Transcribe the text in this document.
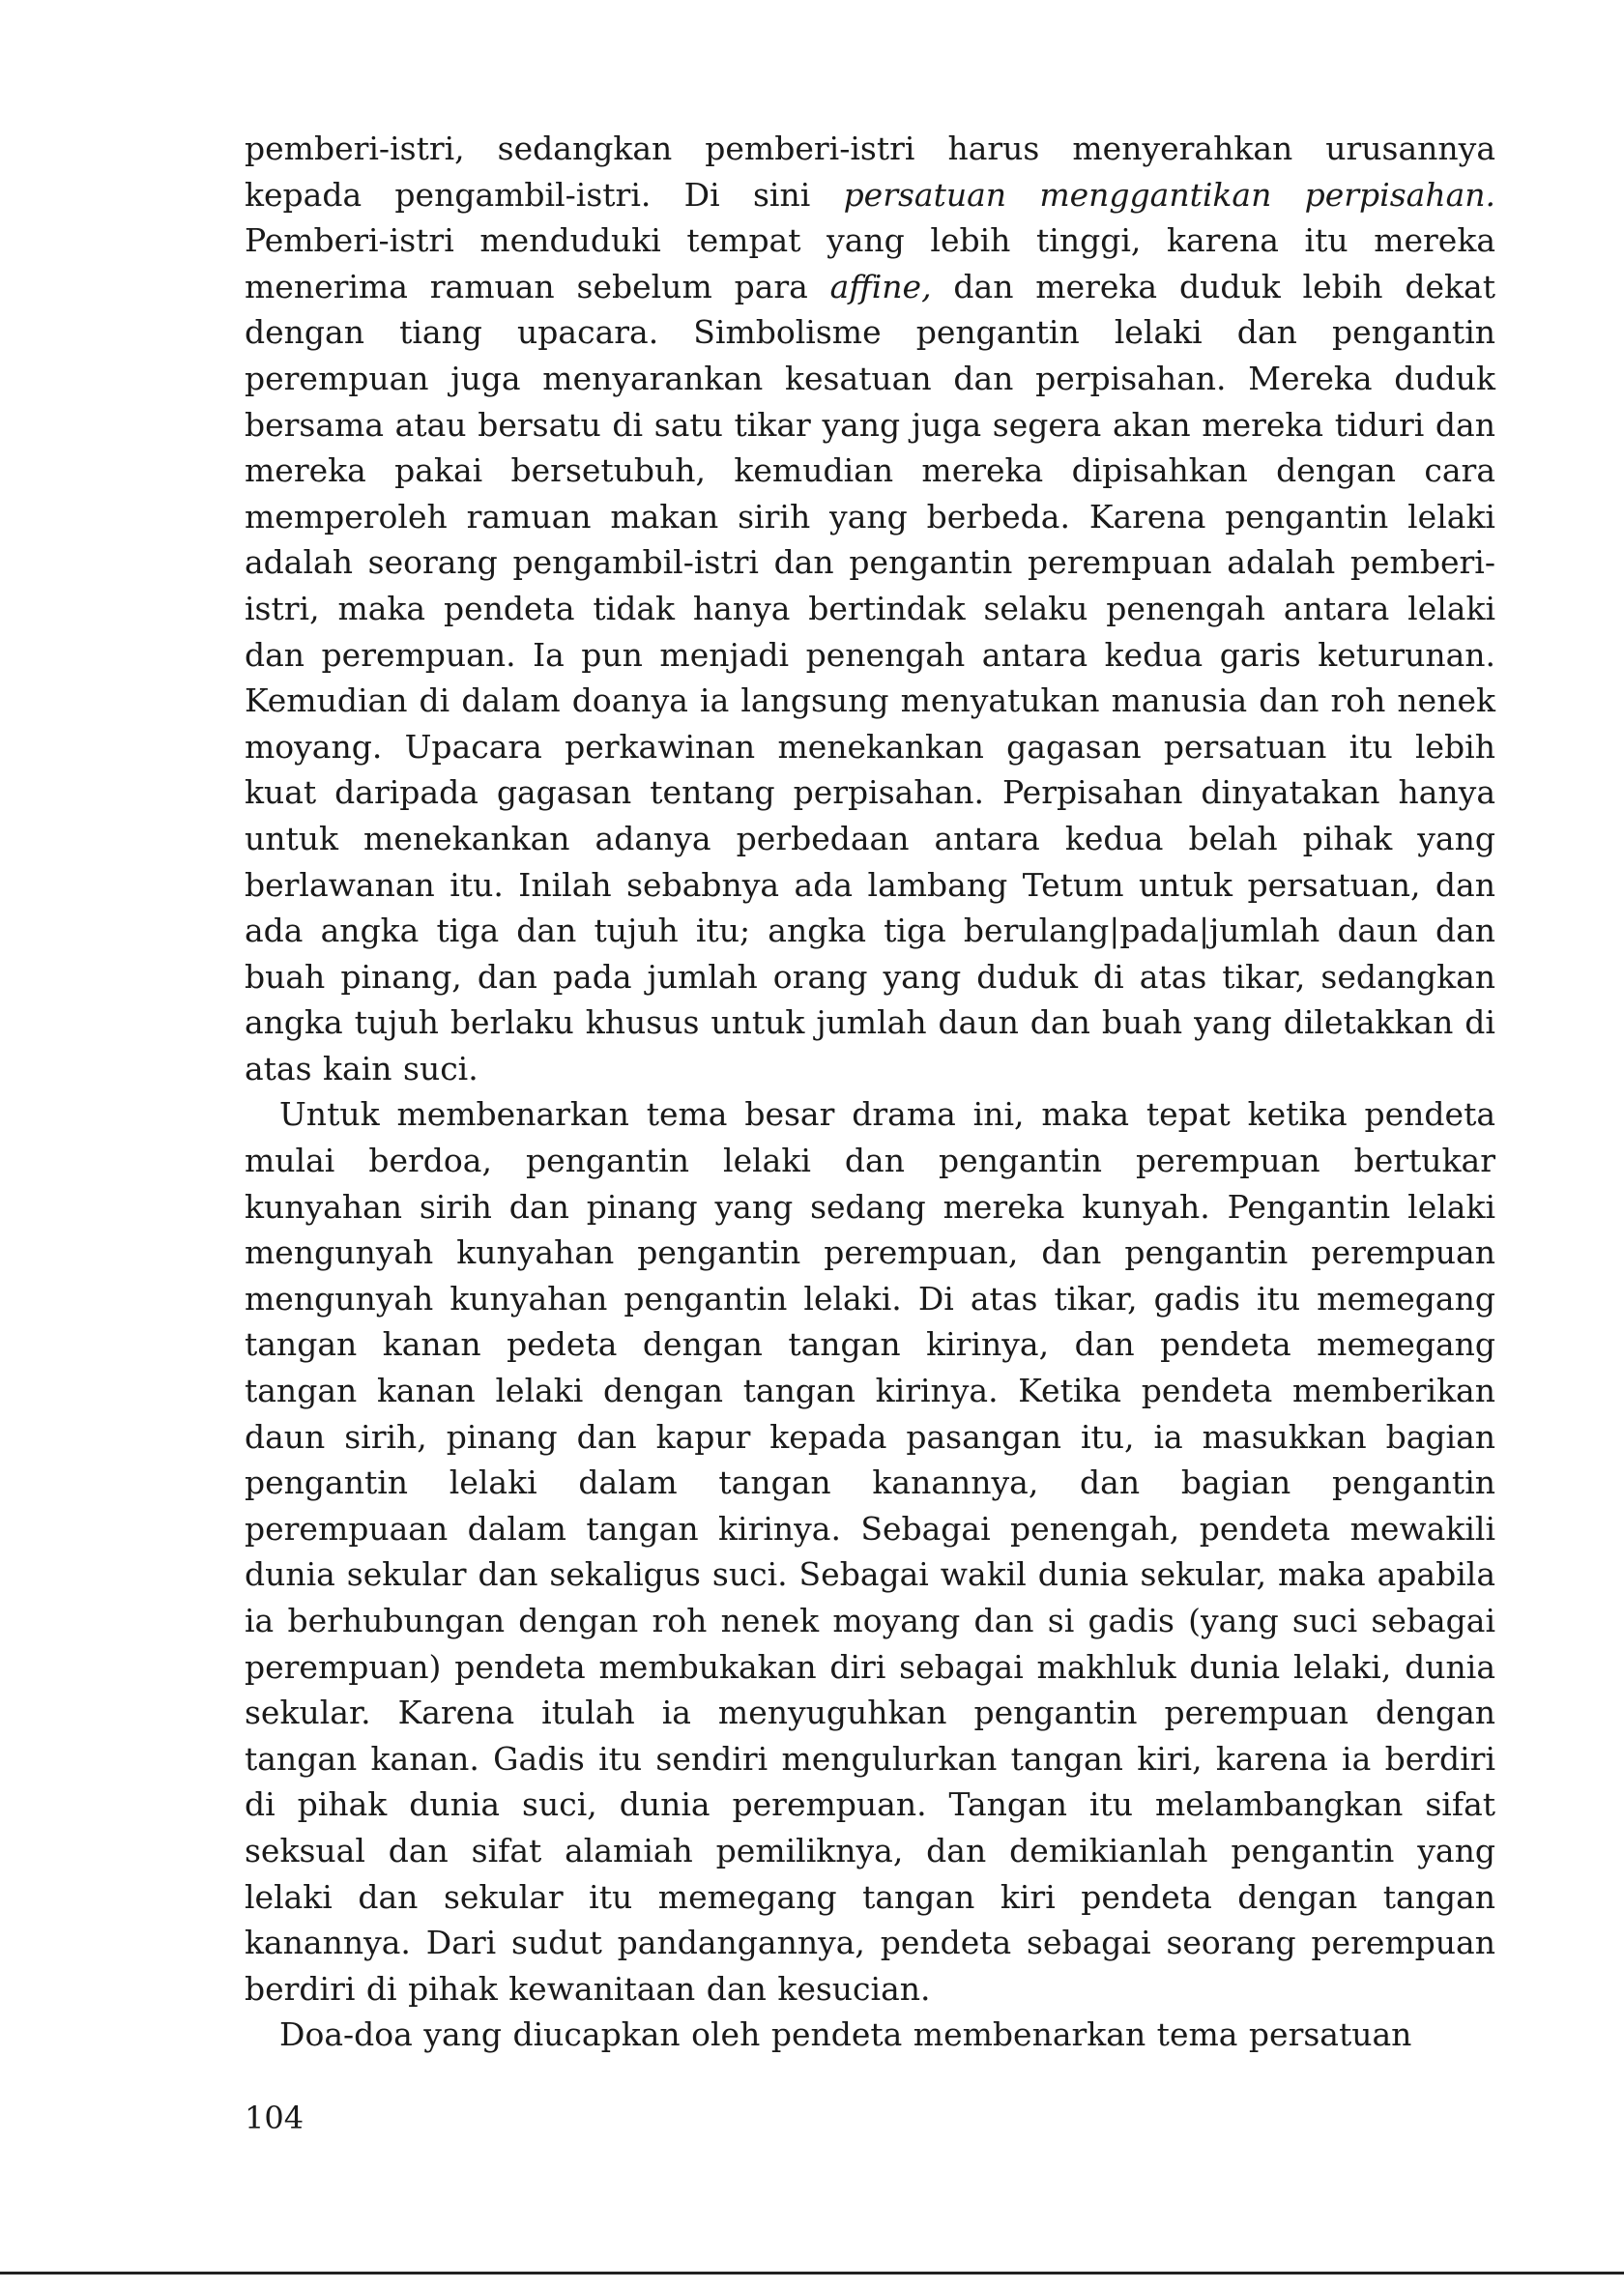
pemberi-istri, sedangkan pemberi-istri harus menyerahkan urusannya kepada pengambil-istri. Di sini persatuan menggantikan perpisahan. Pemberi-istri menduduki tempat yang lebih tinggi, karena itu mereka menerima ramuan sebelum para affine, dan mereka duduk lebih dekat dengan tiang upacara. Simbolisme pengantin lelaki dan pengantin perempuan juga menyarankan kesatuan dan perpisahan. Mereka duduk bersama atau bersatu di satu tikar yang juga segera akan mereka tiduri dan mereka pakai bersetubuh, kemudian mereka dipisahkan dengan cara memperoleh ramuan makan sirih yang berbeda. Karena pengantin lelaki adalah seorang pengambil-istri dan pengantin perempuan adalah pemberi-istri, maka pendeta tidak hanya bertindak selaku penengah antara lelaki dan perempuan. Ia pun menjadi penengah antara kedua garis keturunan. Kemudian di dalam doanya ia langsung menyatukan manusia dan roh nenek moyang. Upacara perkawinan menekankan gagasan persatuan itu lebih kuat daripada gagasan tentang perpisahan. Perpisahan dinyatakan hanya untuk menekankan adanya perbedaan antara kedua belah pihak yang berlawanan itu. Inilah sebabnya ada lambang Tetum untuk persatuan, dan ada angka tiga dan tujuh itu; angka tiga berulang|pada|jumlah daun dan buah pinang, dan pada jumlah orang yang duduk di atas tikar, sedangkan angka tujuh berlaku khusus untuk jumlah daun dan buah yang diletakkan di atas kain suci.

Untuk membenarkan tema besar drama ini, maka tepat ketika pendeta mulai berdoa, pengantin lelaki dan pengantin perempuan bertukar kunyahan sirih dan pinang yang sedang mereka kunyah. Pengantin lelaki mengunyah kunyahan pengantin perempuan, dan pengantin perempuan mengunyah kunyahan pengantin lelaki. Di atas tikar, gadis itu memegang tangan kanan pedeta dengan tangan kirinya, dan pendeta memegang tangan kanan lelaki dengan tangan kirinya. Ketika pendeta memberikan daun sirih, pinang dan kapur kepada pasangan itu, ia masukkan bagian pengantin lelaki dalam tangan kanannya, dan bagian pengantin perempuaan dalam tangan kirinya. Sebagai penengah, pendeta mewakili dunia sekular dan sekaligus suci. Sebagai wakil dunia sekular, maka apabila ia berhubungan dengan roh nenek moyang dan si gadis (yang suci sebagai perempuan) pendeta membukakan diri sebagai makhluk dunia lelaki, dunia sekular. Karena itulah ia menyuguhkan pengantin perempuan dengan tangan kanan. Gadis itu sendiri mengulurkan tangan kiri, karena ia berdiri di pihak dunia suci, dunia perempuan. Tangan itu melambangkan sifat seksual dan sifat alamiah pemiliknya, dan demikianlah pengantin yang lelaki dan sekular itu memegang tangan kiri pendeta dengan tangan kanannya. Dari sudut pandangannya, pendeta sebagai seorang perempuan berdiri di pihak kewanitaan dan kesucian.

Doa-doa yang diucapkan oleh pendeta membenarkan tema persatuan

104
